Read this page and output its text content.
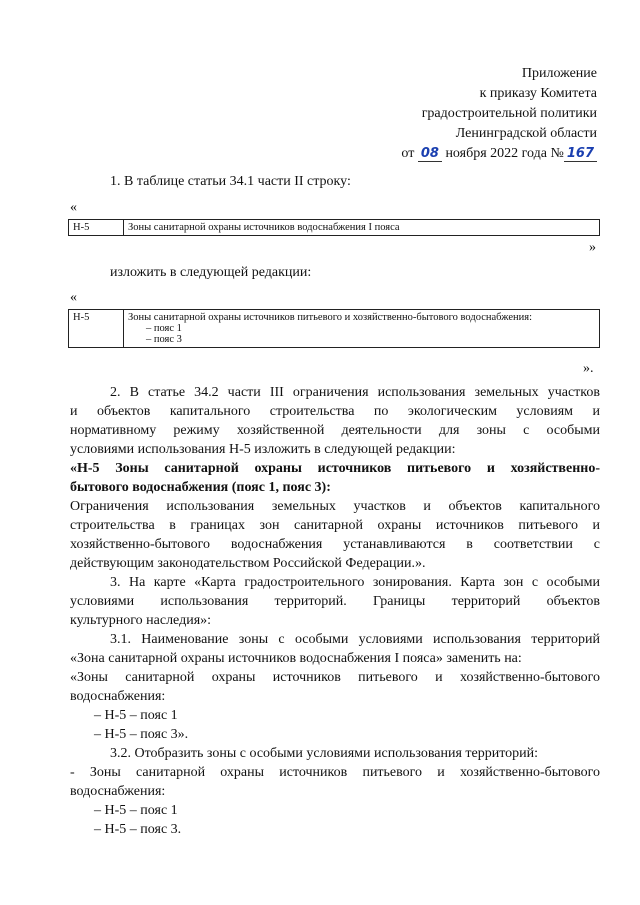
Приложение
к приказу Комитета
градостроительной политики
Ленинградской области
от 08 ноября 2022 года № 167
1. В таблице статьи 34.1 части II строку:
«
Н-5	Зоны санитарной охраны источников водоснабжения I пояса
»
изложить в следующей редакции:
«
Н-5	Зоны санитарной охраны источников питьевого и хозяйственно-бытового водоснабжения:
– пояс 1
– пояс 3
».
2. В статье 34.2 части III ограничения использования земельных участков
и объектов капитального строительства по экологическим условиям и
нормативному режиму хозяйственной деятельности для зоны с особыми
условиями использования Н-5 изложить в следующей редакции:
«Н-5 Зоны санитарной охраны источников питьевого и хозяйственно-
бытового водоснабжения (пояс 1, пояс 3):
Ограничения использования земельных участков и объектов капитального
строительства в границах зон санитарной охраны источников питьевого и
хозяйственно-бытового водоснабжения устанавливаются в соответствии с
действующим законодательством Российской Федерации.».
3. На карте «Карта градостроительного зонирования. Карта зон с особыми
условиями использования территорий. Границы территорий объектов
культурного наследия»:
3.1. Наименование зоны с особыми условиями использования территорий
«Зона санитарной охраны источников водоснабжения I пояса» заменить на:
«Зоны санитарной охраны источников питьевого и хозяйственно-бытового
водоснабжения:
– Н-5 – пояс 1
– Н-5 – пояс 3».
3.2. Отобразить зоны с особыми условиями использования территорий:
- Зоны санитарной охраны источников питьевого и хозяйственно-бытового
водоснабжения:
– Н-5 – пояс 1
– Н-5 – пояс 3.
